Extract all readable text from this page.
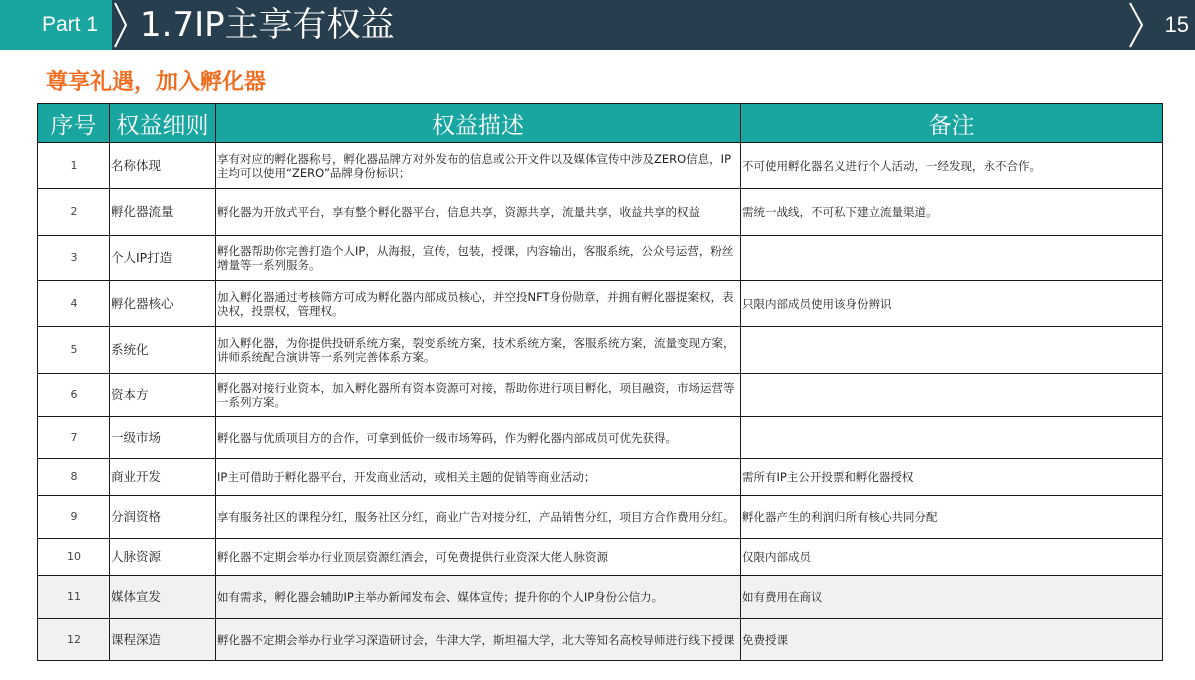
Part 1 1.7IP主享有权益	15
尊享礼遇，加入孵化器
序号	权益细则	权益描述	备注
1	名称体现	享有对应的孵化器称号，孵化器品牌方对外发布的信息或公开文件以及媒体宣传中涉及ZERO信息，IP主均可以使用“ZERO”品牌身份标识；	不可使用孵化器名义进行个人活动，一经发现，永不合作。
2	孵化器流量	孵化器为开放式平台，享有整个孵化器平台，信息共享，资源共享，流量共享，收益共享的权益	需统一战线，不可私下建立流量渠道。
3	个人IP打造	孵化器帮助你完善打造个人IP，从海报，宣传，包装，授课，内容输出，客服系统，公众号运营，粉丝增量等一系列服务。	
4	孵化器核心	加入孵化器通过考核筛方可成为孵化器内部成员核心，并空投NFT身份勋章，并拥有孵化器提案权，表决权，投票权，管理权。	只限内部成员使用该身份辨识
5	系统化	加入孵化器，为你提供投研系统方案，裂变系统方案，技术系统方案，客服系统方案，流量变现方案，讲师系统配合演讲等一系列完善体系方案。	
6	资本方	孵化器对接行业资本，加入孵化器所有资本资源可对接，帮助你进行项目孵化，项目融资，市场运营等一系列方案。	
7	一级市场	孵化器与优质项目方的合作，可拿到低价一级市场筹码，作为孵化器内部成员可优先获得。	
8	商业开发	IP主可借助于孵化器平台，开发商业活动，或相关主题的促销等商业活动；	需所有IP主公开投票和孵化器授权
9	分润资格	享有服务社区的课程分红，服务社区分红，商业广告对接分红，产品销售分红，项目方合作费用分红。	孵化器产生的利润归所有核心共同分配
10	人脉资源	孵化器不定期会举办行业顶层资源红酒会，可免费提供行业资深大佬人脉资源	仅限内部成员
11	媒体宣发	如有需求，孵化器会辅助IP主举办新闻发布会、媒体宣传；提升你的个人IP身份公信力。	如有费用在商议
12	课程深造	孵化器不定期会举办行业学习深造研讨会，牛津大学，斯坦福大学，北大等知名高校导师进行线下授课	免费授课
